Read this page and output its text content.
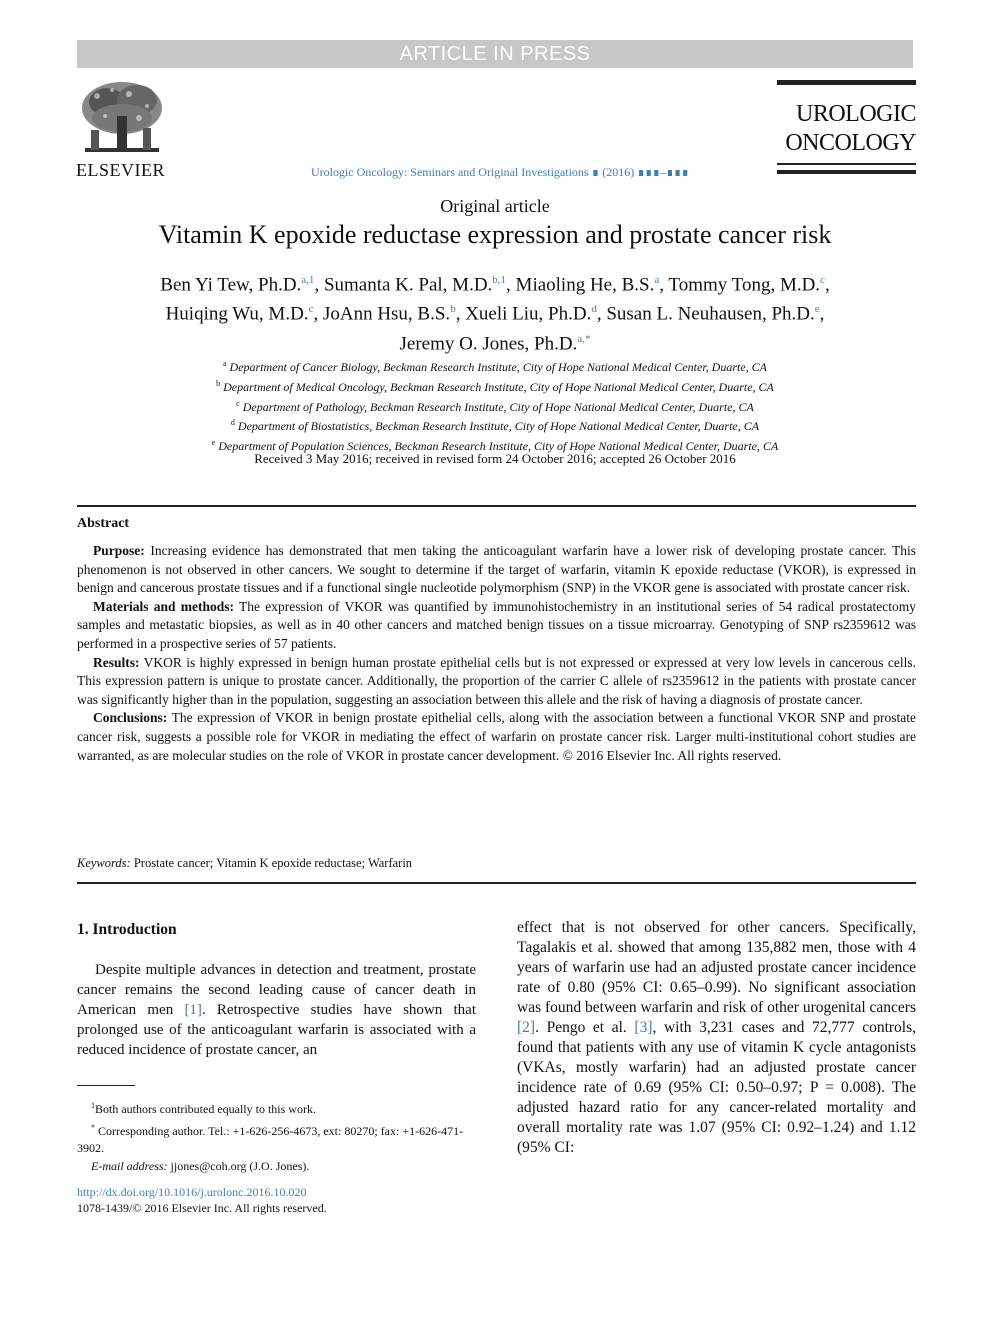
ARTICLE IN PRESS
ELSEVIER	Urologic Oncology: Seminars and Original Investigations ∎ (2016) ∎∎∎–∎∎∎
UROLOGIC
ONCOLOGY
Original article
Vitamin K epoxide reductase expression and prostate cancer risk
Ben Yi Tew, Ph.D.$^{a,1}$, Sumanta K. Pal, M.D.$^{b,1}$, Miaoling He, B.S.$^a$, Tommy Tong, M.D.$^c$,
Huiqing Wu, M.D.$^c$, JoAnn Hsu, B.S.$^b$, Xueli Liu, Ph.D.$^d$, Susan L. Neuhausen, Ph.D.$^e$,
Jeremy O. Jones, Ph.D.$^{a,*}$
$^a$ Department of Cancer Biology, Beckman Research Institute, City of Hope National Medical Center, Duarte, CA
$^b$ Department of Medical Oncology, Beckman Research Institute, City of Hope National Medical Center, Duarte, CA
$^c$ Department of Pathology, Beckman Research Institute, City of Hope National Medical Center, Duarte, CA
$^d$ Department of Biostatistics, Beckman Research Institute, City of Hope National Medical Center, Duarte, CA
$^e$ Department of Population Sciences, Beckman Research Institute, City of Hope National Medical Center, Duarte, CA
Received 3 May 2016; received in revised form 24 October 2016; accepted 26 October 2016
Abstract

Purpose: Increasing evidence has demonstrated that men taking the anticoagulant warfarin have a lower risk of developing prostate cancer. This phenomenon is not observed in other cancers. We sought to determine if the target of warfarin, vitamin K epoxide reductase (VKOR), is expressed in benign and cancerous prostate tissues and if a functional single nucleotide polymorphism (SNP) in the VKOR gene is associated with prostate cancer risk.

Materials and methods: The expression of VKOR was quantified by immunohistochemistry in an institutional series of 54 radical prostatectomy samples and metastatic biopsies, as well as in 40 other cancers and matched benign tissues on a tissue microarray. Genotyping of SNP rs2359612 was performed in a prospective series of 57 patients.

Results: VKOR is highly expressed in benign human prostate epithelial cells but is not expressed or expressed at very low levels in cancerous cells. This expression pattern is unique to prostate cancer. Additionally, the proportion of the carrier C allele of rs2359612 in the patients with prostate cancer was significantly higher than in the population, suggesting an association between this allele and the risk of having a diagnosis of prostate cancer.

Conclusions: The expression of VKOR in benign prostate epithelial cells, along with the association between a functional VKOR SNP and prostate cancer risk, suggests a possible role for VKOR in mediating the effect of warfarin on prostate cancer risk. Larger multi-institutional cohort studies are warranted, as are molecular studies on the role of VKOR in prostate cancer development. © 2016 Elsevier Inc. All rights reserved.

Keywords: Prostate cancer; Vitamin K epoxide reductase; Warfarin
1. Introduction

Despite multiple advances in detection and treatment, prostate cancer remains the second leading cause of cancer death in American men [1]. Retrospective studies have shown that prolonged use of the anticoagulant warfarin is associated with a reduced incidence of prostate cancer, an

effect that is not observed for other cancers. Specifically, Tagalakis et al. showed that among 135,882 men, those with 4 years of warfarin use had an adjusted prostate cancer incidence rate of 0.80 (95% CI: 0.65–0.99). No significant association was found between warfarin and risk of other urogenital cancers [2]. Pengo et al. [3], with 3,231 cases and 72,777 controls, found that patients with any use of vitamin K cycle antagonists (VKAs, mostly warfarin) had an adjusted prostate cancer incidence rate of 0.69 (95% CI: 0.50–0.97; P = 0.008). The adjusted hazard ratio for any cancer-related mortality and overall mortality rate was 1.07 (95% CI: 0.92–1.24) and 1.12 (95% CI:

$^1$Both authors contributed equally to this work.

* Corresponding author. Tel.: +1-626-256-4673, ext: 80270; fax: +1-626-471-3902.

E-mail address: jjones@coh.org (J.O. Jones).

http://dx.doi.org/10.1016/j.urolonc.2016.10.020
1078-1439/© 2016 Elsevier Inc. All rights reserved.
